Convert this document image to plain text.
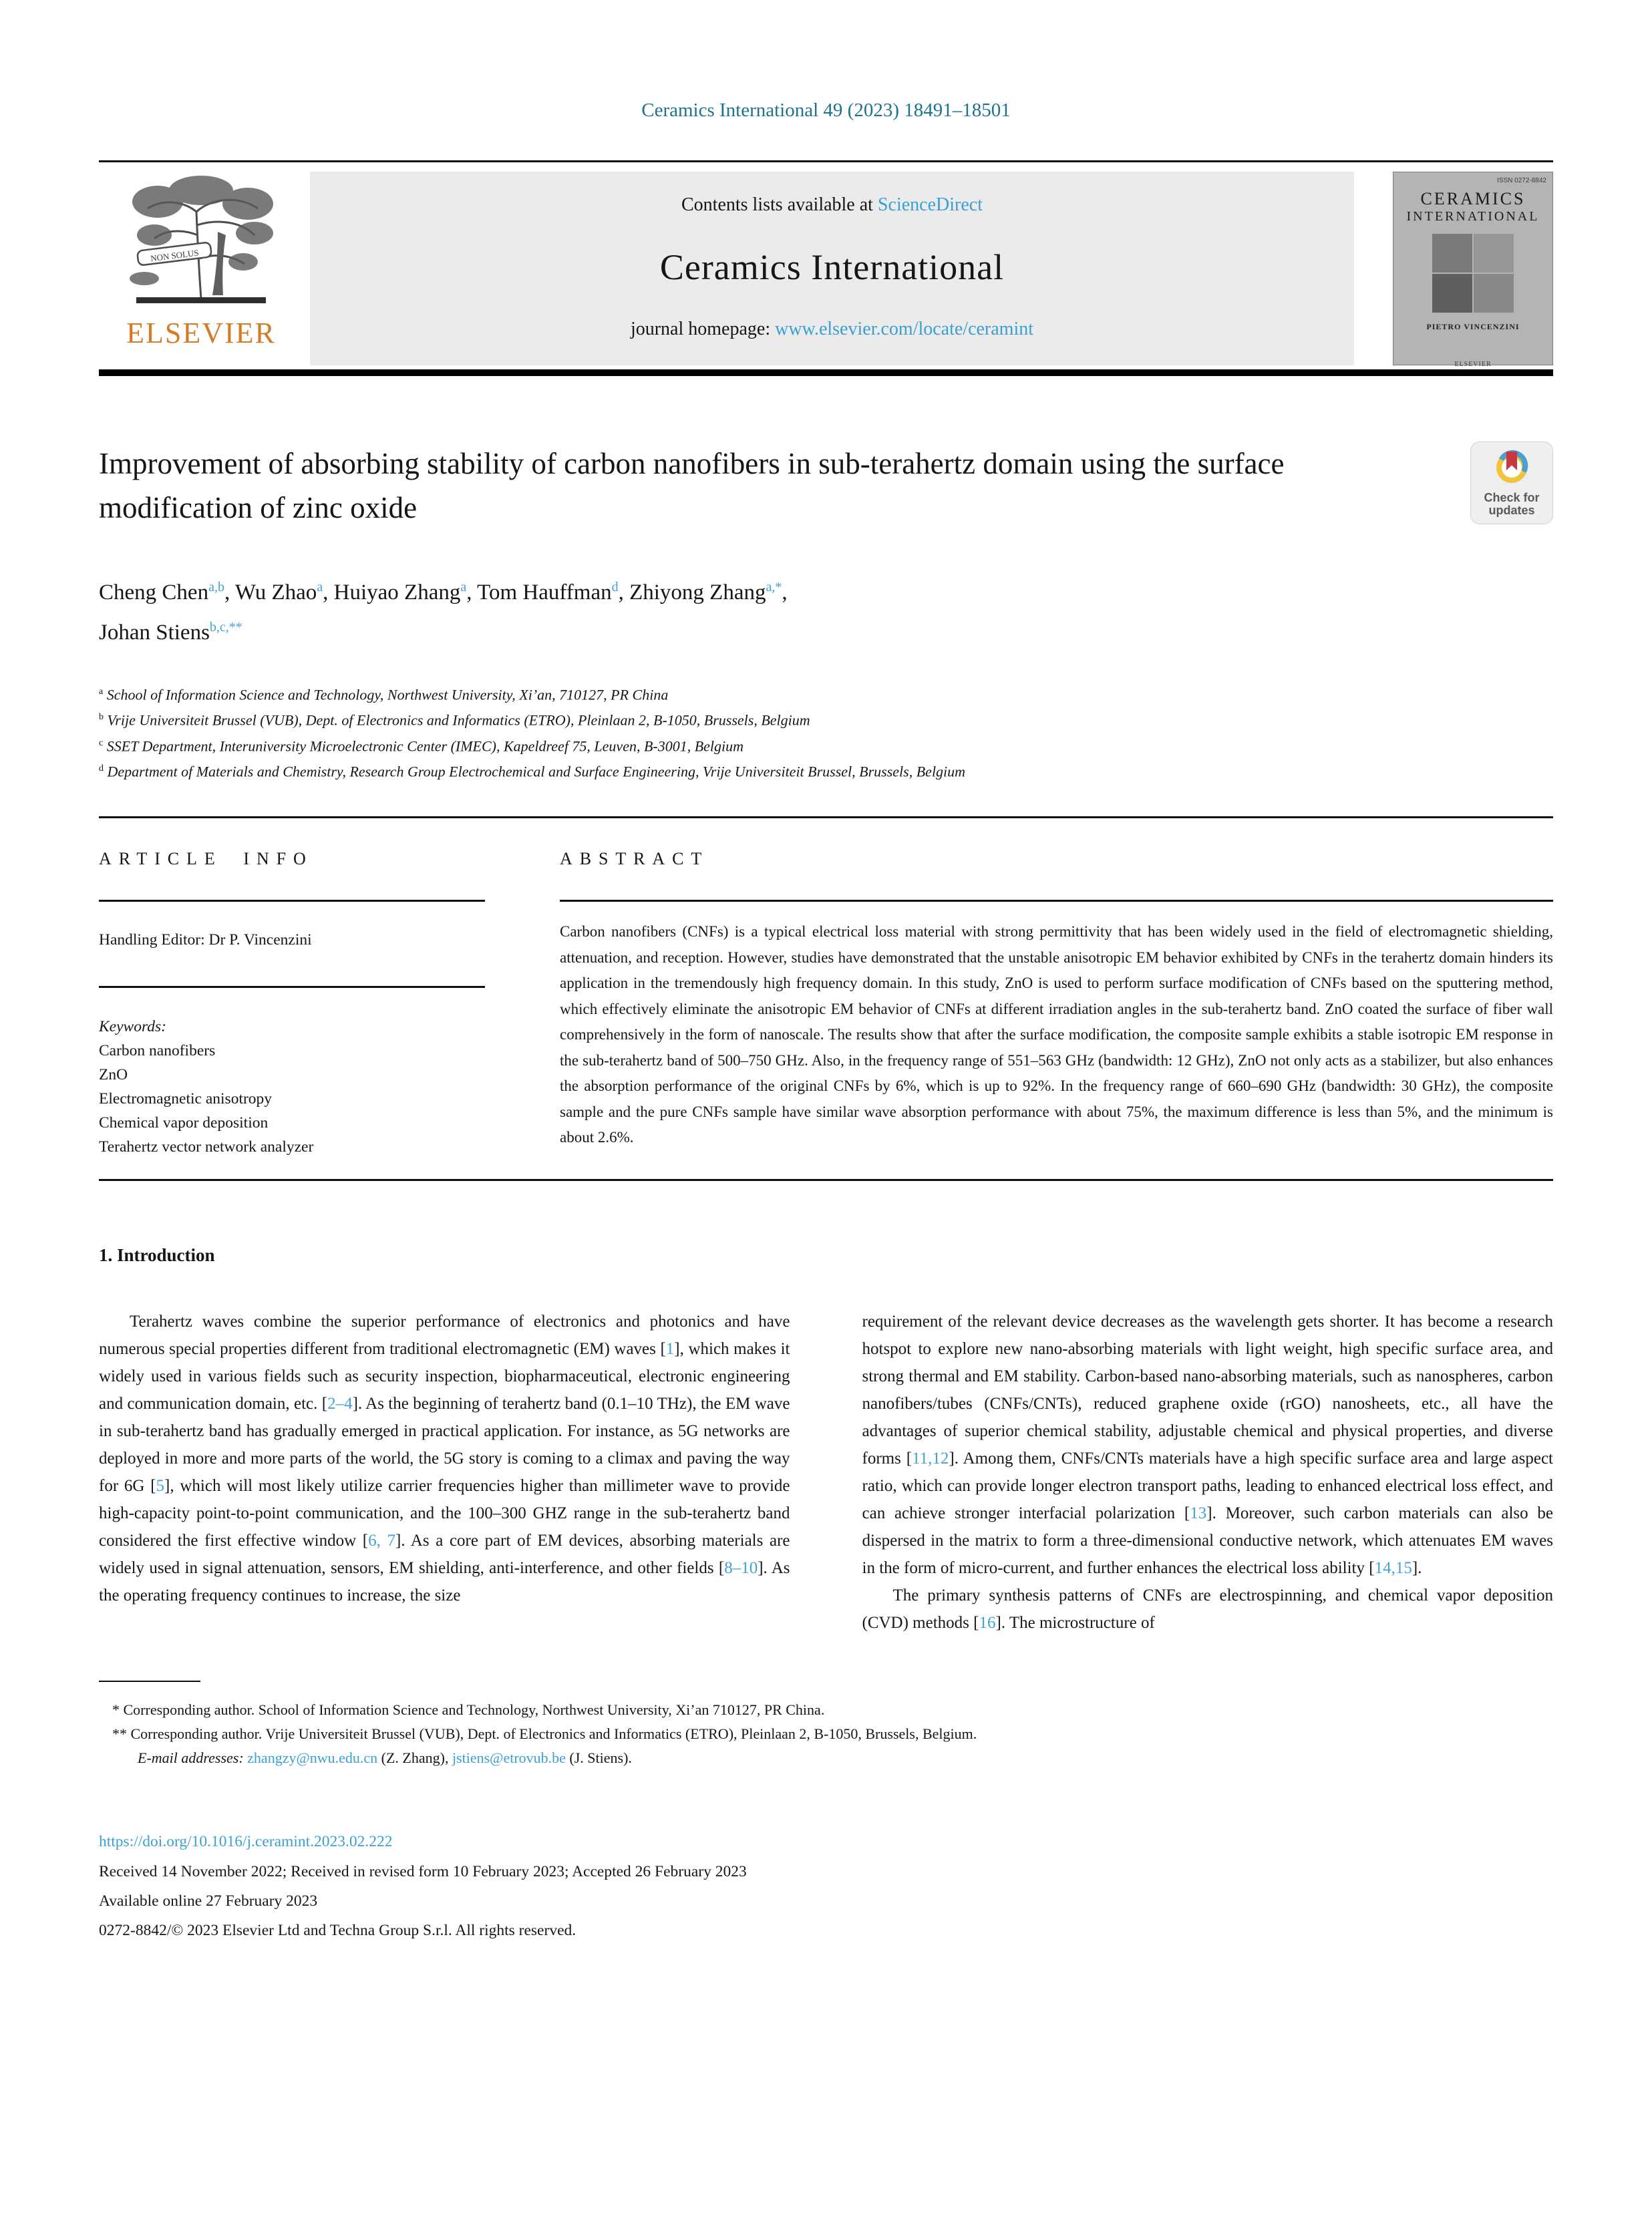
Ceramics International 49 (2023) 18491–18501
NON SOLUS
ELSEVIER
Contents lists available at ScienceDirect
Ceramics International
journal homepage: www.elsevier.com/locate/ceramint
ISSN 0272-8842
CERAMICS
INTERNATIONAL
PIETRO VINCENZINI
ELSEVIER
Improvement of absorbing stability of carbon nanofibers in sub-terahertz domain using the surface modification of zinc oxide	Check for
updates
Cheng Chen$^{a,b}$, Wu Zhao$^a$, Huiyao Zhang$^a$, Tom Hauffman$^d$, Zhiyong Zhang$^{a,*}$,
Johan Stiens$^{b,c,**}$
$^a$ School of Information Science and Technology, Northwest University, Xi’an, 710127, PR China
$^b$ Vrije Universiteit Brussel (VUB), Dept. of Electronics and Informatics (ETRO), Pleinlaan 2, B-1050, Brussels, Belgium
$^c$ SSET Department, Interuniversity Microelectronic Center (IMEC), Kapeldreef 75, Leuven, B-3001, Belgium
$^d$ Department of Materials and Chemistry, Research Group Electrochemical and Surface Engineering, Vrije Universiteit Brussel, Brussels, Belgium
ARTICLE INFO
Handling Editor: Dr P. Vincenzini
Keywords:
Carbon nanofibers
ZnO
Electromagnetic anisotropy
Chemical vapor deposition
Terahertz vector network analyzer
ABSTRACT
Carbon nanofibers (CNFs) is a typical electrical loss material with strong permittivity that has been widely used in the field of electromagnetic shielding, attenuation, and reception. However, studies have demonstrated that the unstable anisotropic EM behavior exhibited by CNFs in the terahertz domain hinders its application in the tremendously high frequency domain. In this study, ZnO is used to perform surface modification of CNFs based on the sputtering method, which effectively eliminate the anisotropic EM behavior of CNFs at different irradiation angles in the sub-terahertz band. ZnO coated the surface of fiber wall comprehensively in the form of nanoscale. The results show that after the surface modification, the composite sample exhibits a stable isotropic EM response in the sub-terahertz band of 500–750 GHz. Also, in the frequency range of 551–563 GHz (bandwidth: 12 GHz), ZnO not only acts as a stabilizer, but also enhances the absorption performance of the original CNFs by 6%, which is up to 92%. In the frequency range of 660–690 GHz (bandwidth: 30 GHz), the composite sample and the pure CNFs sample have similar wave absorption performance with about 75%, the maximum difference is less than 5%, and the minimum is about 2.6%.
1. Introduction

Terahertz waves combine the superior performance of electronics and photonics and have numerous special properties different from traditional electromagnetic (EM) waves [1], which makes it widely used in various fields such as security inspection, biopharmaceutical, electronic engineering and communication domain, etc. [2–4]. As the beginning of terahertz band (0.1–10 THz), the EM wave in sub-terahertz band has gradually emerged in practical application. For instance, as 5G networks are deployed in more and more parts of the world, the 5G story is coming to a climax and paving the way for 6G [5], which will most likely utilize carrier frequencies higher than millimeter wave to provide high-capacity point-to-point communication, and the 100–300 GHZ range in the sub-terahertz band considered the first effective window [6, 7]. As a core part of EM devices, absorbing materials are widely used in signal attenuation, sensors, EM shielding, anti-interference, and other fields [8–10]. As the operating frequency continues to increase, the size

requirement of the relevant device decreases as the wavelength gets shorter. It has become a research hotspot to explore new nano-absorbing materials with light weight, high specific surface area, and strong thermal and EM stability. Carbon-based nano-absorbing materials, such as nanospheres, carbon nanofibers/tubes (CNFs/CNTs), reduced graphene oxide (rGO) nanosheets, etc., all have the advantages of superior chemical stability, adjustable chemical and physical properties, and diverse forms [11,12]. Among them, CNFs/CNTs materials have a high specific surface area and large aspect ratio, which can provide longer electron transport paths, leading to enhanced electrical loss effect, and can achieve stronger interfacial polarization [13]. Moreover, such carbon materials can also be dispersed in the matrix to form a three-dimensional conductive network, which attenuates EM waves in the form of micro-current, and further enhances the electrical loss ability [14,15].

The primary synthesis patterns of CNFs are electrospinning, and chemical vapor deposition (CVD) methods [16]. The microstructure of

* Corresponding author. School of Information Science and Technology, Northwest University, Xi’an 710127, PR China.
** Corresponding author. Vrije Universiteit Brussel (VUB), Dept. of Electronics and Informatics (ETRO), Pleinlaan 2, B-1050, Brussels, Belgium.
E-mail addresses: zhangzy@nwu.edu.cn (Z. Zhang), jstiens@etrovub.be (J. Stiens).
https://doi.org/10.1016/j.ceramint.2023.02.222
Received 14 November 2022; Received in revised form 10 February 2023; Accepted 26 February 2023
Available online 27 February 2023
0272-8842/© 2023 Elsevier Ltd and Techna Group S.r.l. All rights reserved.
